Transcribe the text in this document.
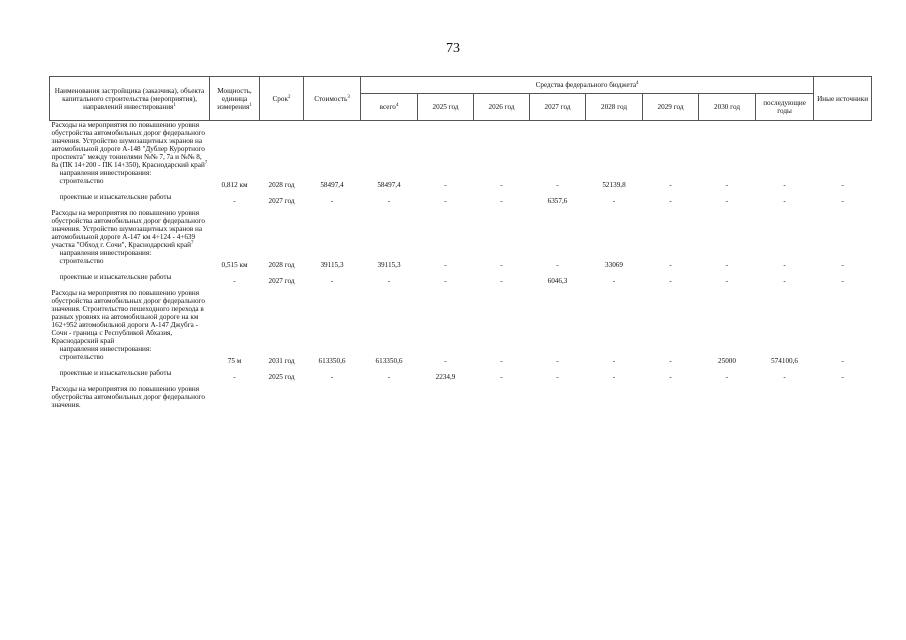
73
Наименования застройщика (заказчика), объекта капитального строительства (мероприятия), направлений инвестирования$^1$	Мощность, единица измерения$^1$	Срок$^2$	Стоимость$^3$	Средства федерального бюджета$^4$								Иные источники
				всего$^4$	2025 год	2026 год	2027 год	2028 год	2029 год	2030 год	последующие годы	
Расходы на мероприятия по повышению уровня обустройства автомобильных дорог федерального значения. Устройство шумозащитных экранов на автомобильной дороге А-148 "Дублер Курортного проспекта" между тоннелями №№ 7, 7а и №№ 8, 8а (ПК 14+200 - ПК 14+350), Краснодарский край$^7$	
направления инвестирования:												
строительство	0,812 км	2028 год	58497,4	58497,4	-	-	-	52139,8	-	-	-	-
проектные и изыскательские работы	-	2027 год	-	-	-	-	6357,6	-	-	-	-	-
Расходы на мероприятия по повышению уровня обустройства автомобильных дорог федерального значения. Устройство шумозащитных экранов на автомобильной дороге А-147 км 4+124 - 4+639 участка "Обход г. Сочи", Краснодарский край$^7$	
направления инвестирования:												
строительство	0,515 км	2028 год	39115,3	39115,3	-	-	-	33069	-	-	-	-
проектные и изыскательские работы	-	2027 год	-	-	-	-	6046,3	-	-	-	-	-
Расходы на мероприятия по повышению уровня обустройства автомобильных дорог федерального значения. Строительство пешеходного перехода в разных уровнях на автомобильной дороге на км 162+952 автомобильной дороги А-147 Джубга - Сочи - граница с Республикой Абхазия, Краснодарский край												
направления инвестирования:												
строительство	75 м	2031 год	613350,6	613350,6	-	-	-	-	-	25000	574100,6	-
проектные и изыскательские работы	-	2025 год	-	-	2234,9	-	-	-	-	-	-	-
Расходы на мероприятия по повышению уровня обустройства автомобильных дорог федерального значения.												
